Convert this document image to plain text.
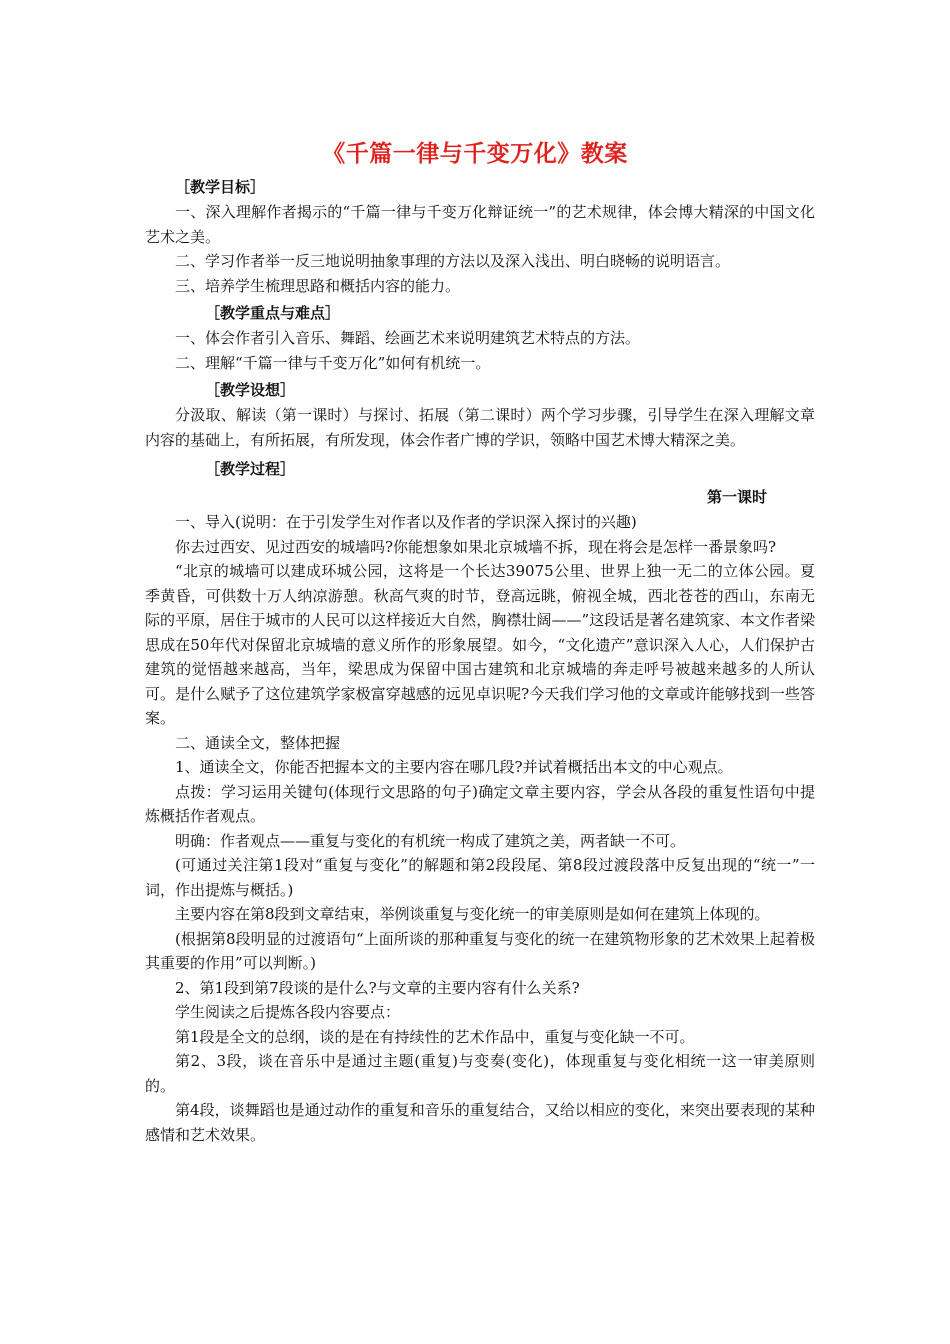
《千篇一律与千变万化》教案
［教学目标］

一、深入理解作者揭示的“千篇一律与千变万化辩证统一”的艺术规律，体会博大精深的中国文化艺术之美。

二、学习作者举一反三地说明抽象事理的方法以及深入浅出、明白晓畅的说明语言。

三、培养学生梳理思路和概括内容的能力。

［教学重点与难点］

一、体会作者引入音乐、舞蹈、绘画艺术来说明建筑艺术特点的方法。

二、理解“千篇一律与千变万化”如何有机统一。

［教学设想］

分汲取、解读（第一课时）与探讨、拓展（第二课时）两个学习步骤，引导学生在深入理解文章内容的基础上，有所拓展，有所发现，体会作者广博的学识，领略中国艺术博大精深之美。

［教学过程］
第一课时

一、导入(说明：在于引发学生对作者以及作者的学识深入探讨的兴趣)

你去过西安、见过西安的城墙吗?你能想象如果北京城墙不拆，现在将会是怎样一番景象吗?

“北京的城墙可以建成环城公园，这将是一个长达39075公里、世界上独一无二的立体公园。夏季黄昏，可供数十万人纳凉游憩。秋高气爽的时节，登高远眺，俯视全城，西北苍苍的西山，东南无际的平原，居住于城市的人民可以这样接近大自然，胸襟壮阔——”这段话是著名建筑家、本文作者梁思成在50年代对保留北京城墙的意义所作的形象展望。如今，“文化遗产”意识深入人心，人们保护古建筑的觉悟越来越高，当年，梁思成为保留中国古建筑和北京城墙的奔走呼号被越来越多的人所认可。是什么赋予了这位建筑学家极富穿越感的远见卓识呢?今天我们学习他的文章或许能够找到一些答案。

二、通读全文，整体把握

1、通读全文，你能否把握本文的主要内容在哪几段?并试着概括出本文的中心观点。

点拨：学习运用关键句(体现行文思路的句子)确定文章主要内容，学会从各段的重复性语句中提炼概括作者观点。

明确：作者观点——重复与变化的有机统一构成了建筑之美，两者缺一不可。

(可通过关注第1段对“重复与变化”的解题和第2段段尾、第8段过渡段落中反复出现的“统一”一词，作出提炼与概括。)

主要内容在第8段到文章结束，举例谈重复与变化统一的审美原则是如何在建筑上体现的。

(根据第8段明显的过渡语句“上面所谈的那种重复与变化的统一在建筑物形象的艺术效果上起着极其重要的作用”可以判断。)

2、第1段到第7段谈的是什么?与文章的主要内容有什么关系?

学生阅读之后提炼各段内容要点：

第1段是全文的总纲，谈的是在有持续性的艺术作品中，重复与变化缺一不可。

第2、3段，谈在音乐中是通过主题(重复)与变奏(变化)，体现重复与变化相统一这一审美原则的。

第4段，谈舞蹈也是通过动作的重复和音乐的重复结合，又给以相应的变化，来突出要表现的某种感情和艺术效果。
